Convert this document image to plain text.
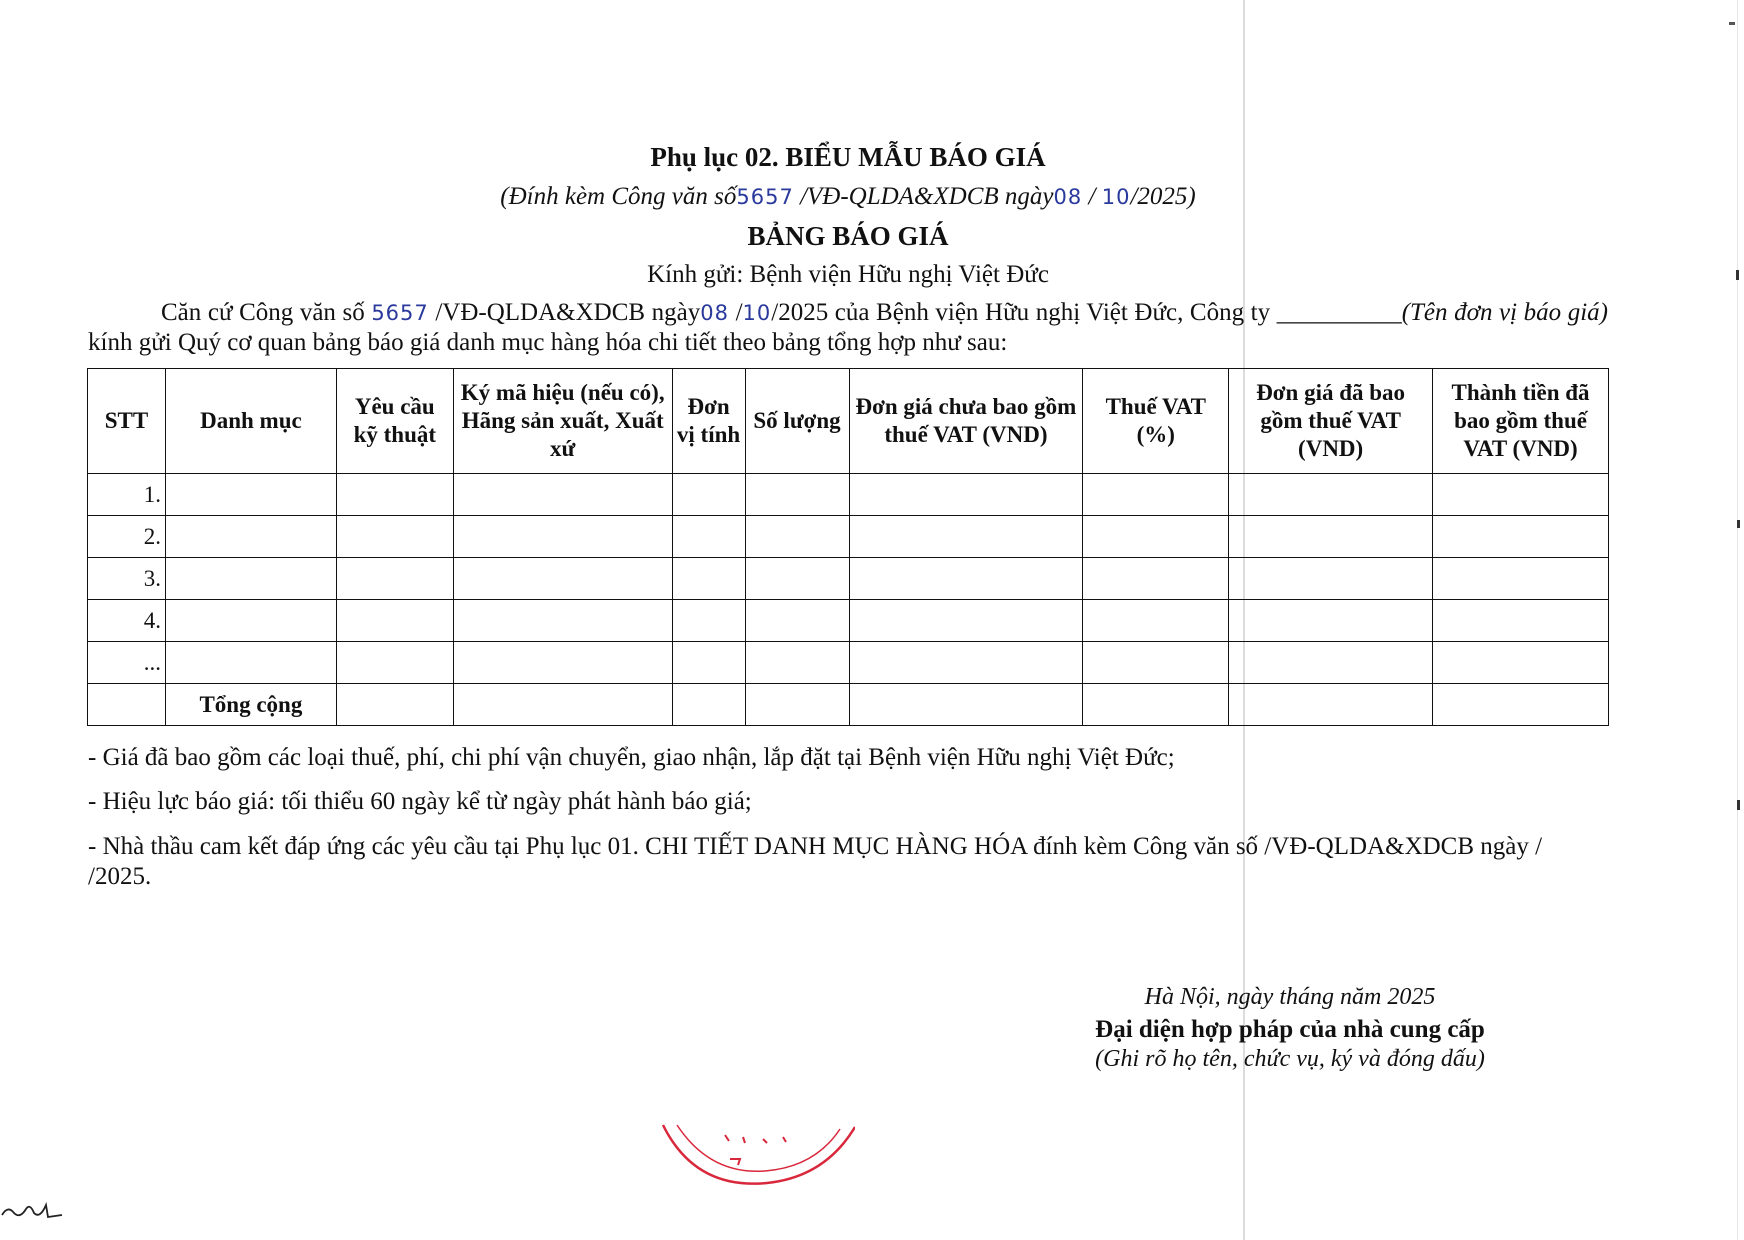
Phụ lục 02. BIỂU MẪU BÁO GIÁ
(Đính kèm Công văn số5657 /VĐ-QLDA&XDCB ngày08 / 10/2025)
BẢNG BÁO GIÁ
Kính gửi: Bệnh viện Hữu nghị Việt Đức
Căn cứ Công văn số 5657 /VĐ-QLDA&XDCB ngày08 /10/2025 của Bệnh viện Hữu nghị Việt Đức, Công ty __________(Tên đơn vị báo giá) kính gửi Quý cơ quan bảng báo giá danh mục hàng hóa chi tiết theo bảng tổng hợp như sau:
STT	Danh mục	Yêu cầu kỹ thuật	Ký mã hiệu (nếu có), Hãng sản xuất, Xuất xứ	Đơn vị tính	Số lượng	Đơn giá chưa bao gồm thuế VAT (VND)	Thuế VAT (%)	Đơn giá đã bao gồm thuế VAT (VND)	Thành tiền đã bao gồm thuế VAT (VND)
1.									
2.									
3.									
4.									
...									
	Tổng cộng								
- Giá đã bao gồm các loại thuế, phí, chi phí vận chuyển, giao nhận, lắp đặt tại Bệnh viện Hữu nghị Việt Đức;
- Hiệu lực báo giá: tối thiểu 60 ngày kể từ ngày phát hành báo giá;
- Nhà thầu cam kết đáp ứng các yêu cầu tại Phụ lục 01. CHI TIẾT DANH MỤC HÀNG HÓA đính kèm Công văn số /VĐ-QLDA&XDCB ngày / /2025.
Hà Nội, ngày tháng năm 2025
Đại diện hợp pháp của nhà cung cấp
(Ghi rõ họ tên, chức vụ, ký và đóng dấu)
